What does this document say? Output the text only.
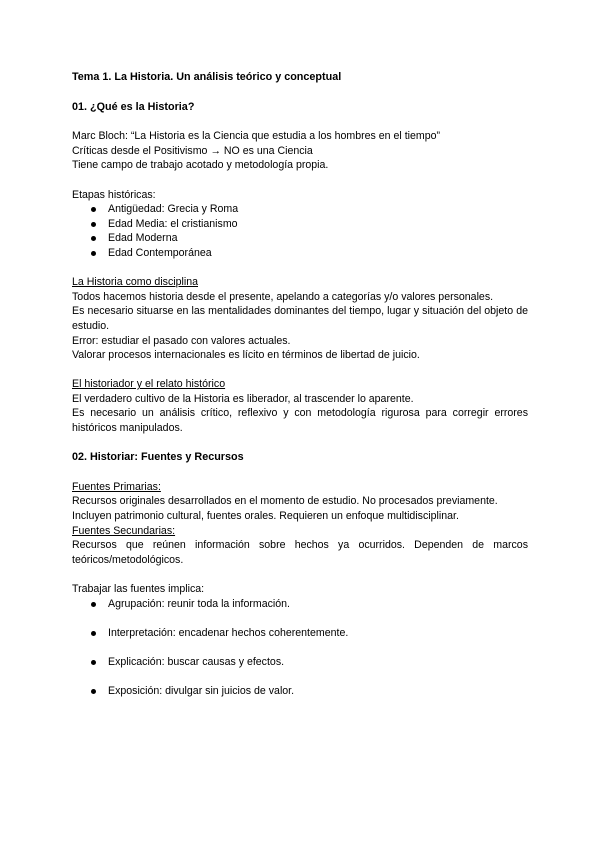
Tema 1. La Historia. Un análisis teórico y conceptual

01. ¿Qué es la Historia?

Marc Bloch: “La Historia es la Ciencia que estudia a los hombres en el tiempo”

Críticas desde el Positivismo → NO es una Ciencia

Tiene campo de trabajo acotado y metodología propia.

Etapas históricas:

Antigüedad: Grecia y Roma
Edad Media: el cristianismo
Edad Moderna
Edad Contemporánea

La Historia como disciplina

Todos hacemos historia desde el presente, apelando a categorías y/o valores personales.

Es necesario situarse en las mentalidades dominantes del tiempo, lugar y situación del objeto de estudio.

Error: estudiar el pasado con valores actuales.

Valorar procesos internacionales es lícito en términos de libertad de juicio.

El historiador y el relato histórico

El verdadero cultivo de la Historia es liberador, al trascender lo aparente.

Es necesario un análisis crítico, reflexivo y con metodología rigurosa para corregir errores históricos manipulados.

02. Historiar: Fuentes y Recursos

Fuentes Primarias:

Recursos originales desarrollados en el momento de estudio. No procesados previamente.

Incluyen patrimonio cultural, fuentes orales. Requieren un enfoque multidisciplinar.

Fuentes Secundarias:

Recursos que reúnen información sobre hechos ya ocurridos. Dependen de marcos teóricos/metodológicos.

Trabajar las fuentes implica:

Agrupación: reunir toda la información.
Interpretación: encadenar hechos coherentemente.
Explicación: buscar causas y efectos.
Exposición: divulgar sin juicios de valor.
